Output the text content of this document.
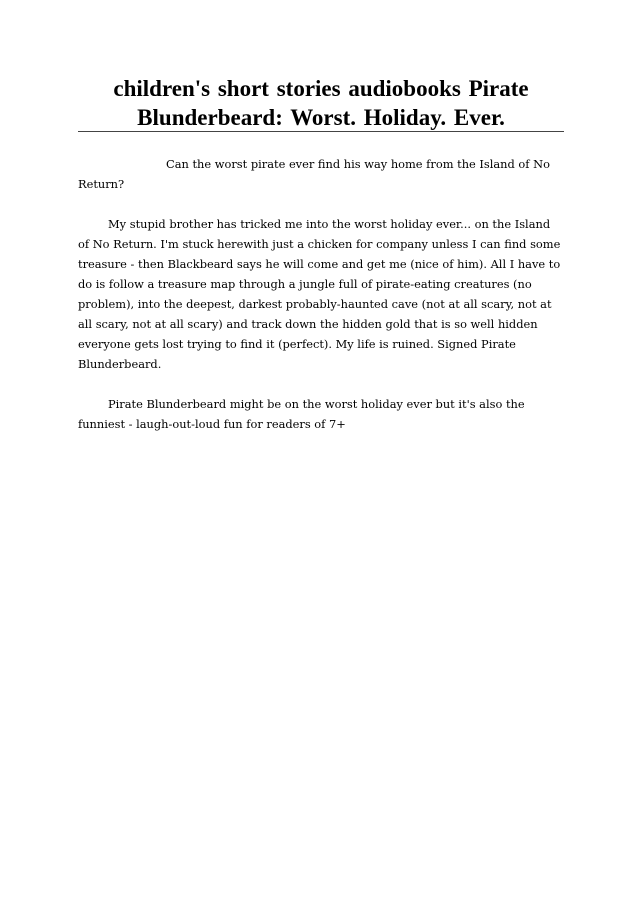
children's short stories audiobooks Pirate Blunderbeard: Worst. Holiday. Ever.

Can the worst pirate ever find his way home from the Island of No Return?

My stupid brother has tricked me into the worst holiday ever... on the Island of No Return. I'm stuck herewith just a chicken for company unless I can find some treasure - then Blackbeard says he will come and get me (nice of him). All I have to do is follow a treasure map through a jungle full of pirate-eating creatures (no problem), into the deepest, darkest probably-haunted cave (not at all scary, not at all scary, not at all scary) and track down the hidden gold that is so well hidden everyone gets lost trying to find it (perfect). My life is ruined. Signed Pirate Blunderbeard.

Pirate Blunderbeard might be on the worst holiday ever but it's also the funniest - laugh-out-loud fun for readers of 7+
